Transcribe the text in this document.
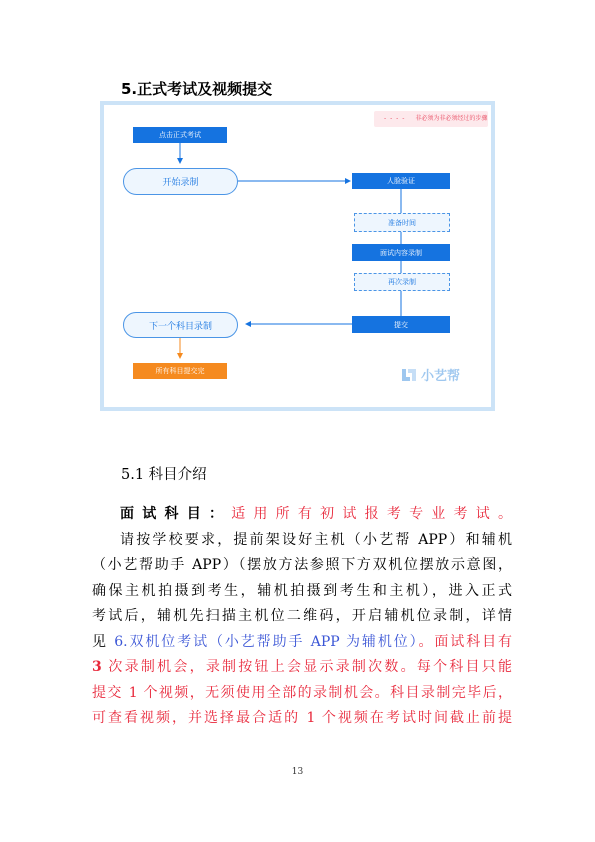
5.正式考试及视频提交
- - - - 非必须为非必须经过的步骤
点击正式考试
开始录制	人脸验证
准备时间
面试内容录制
再次录制
提交
下一个科目录制
所有科目提交完	小艺帮
5.1 科目介绍
面试科目：适用所有初试报考专业考试。
请按学校要求，提前架设好主机（小艺帮 APP）和辅机
（小艺帮助手 APP）（摆放方法参照下方双机位摆放示意图，
确保主机拍摄到考生，辅机拍摄到考生和主机），进入正式
考试后，辅机先扫描主机位二维码，开启辅机位录制，详情
见 6.双机位考试（小艺帮助手 APP 为辅机位）。面试科目有
3 次录制机会，录制按钮上会显示录制次数。每个科目只能
提交 1 个视频，无须使用全部的录制机会。科目录制完毕后，
可查看视频，并选择最合适的 1 个视频在考试时间截止前提
13
